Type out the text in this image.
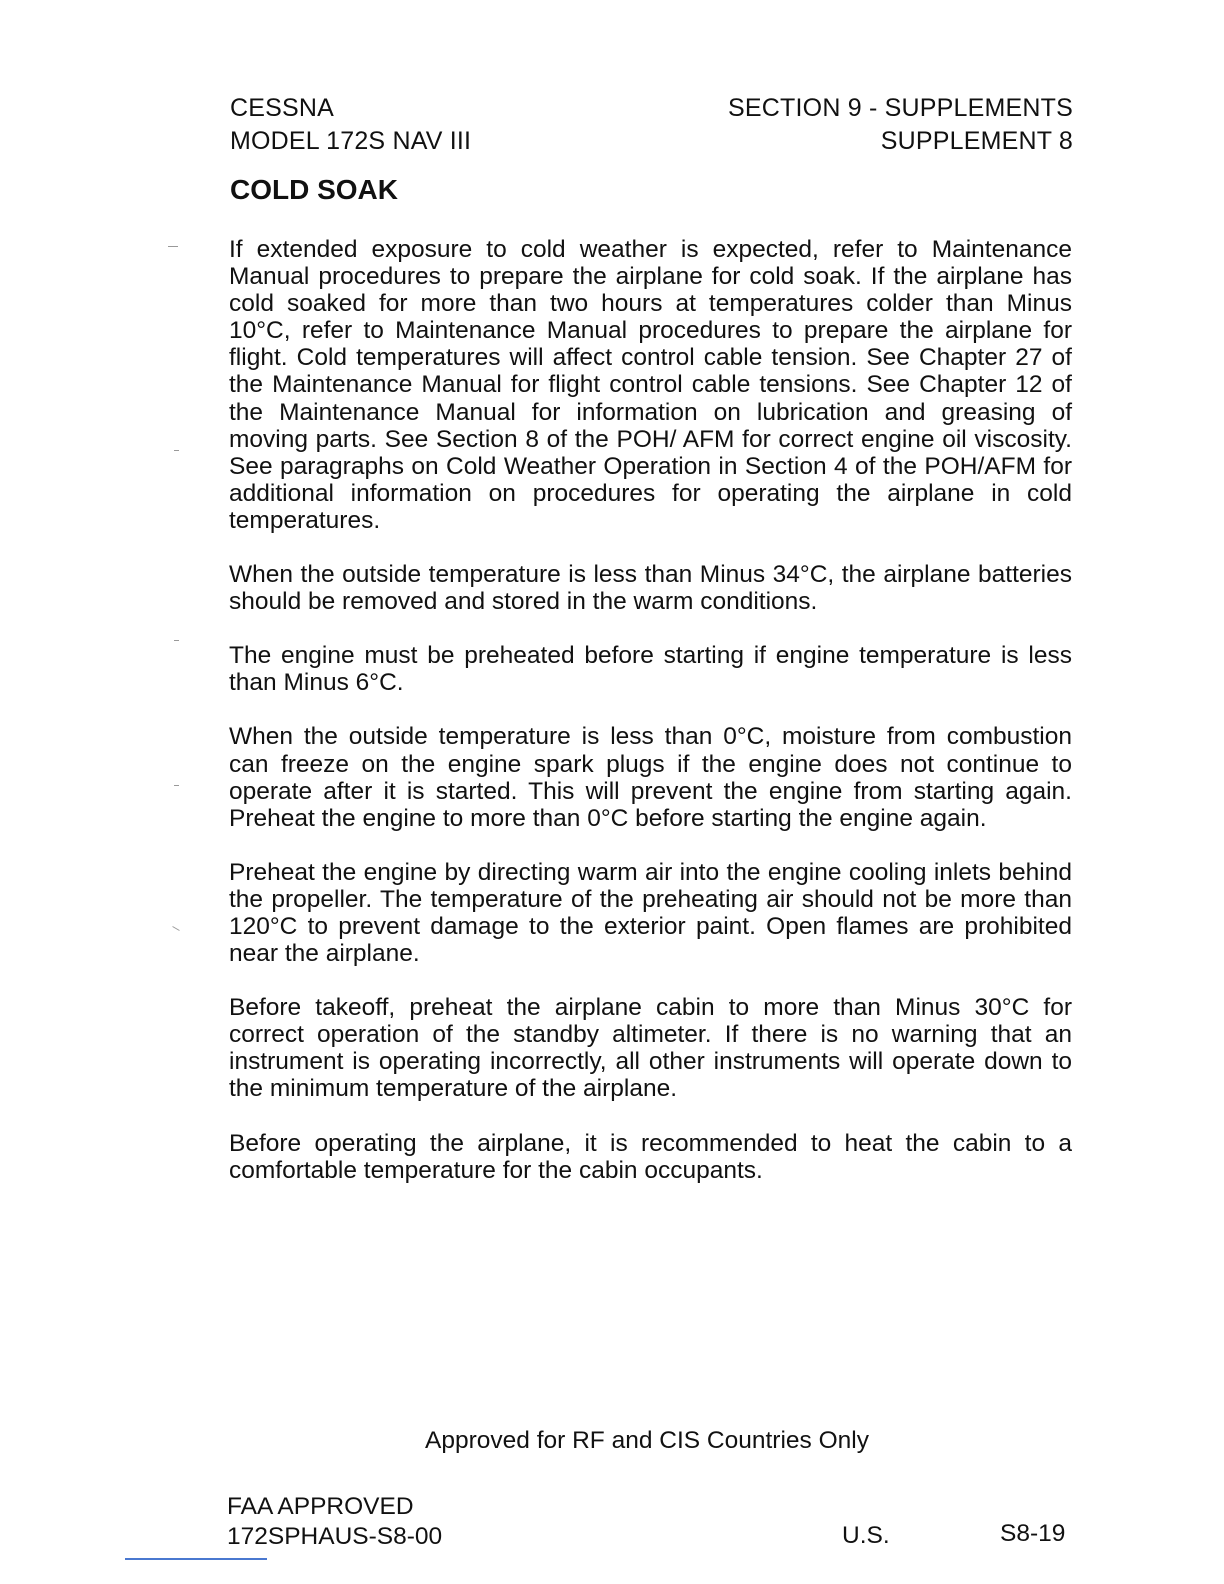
CESSNA
MODEL 172S NAV III
SECTION 9 - SUPPLEMENTS
SUPPLEMENT 8
COLD SOAK

If extended exposure to cold weather is expected, refer to Maintenance Manual procedures to prepare the airplane for cold soak. If the airplane has cold soaked for more than two hours at temperatures colder than Minus 10°C, refer to Maintenance Manual procedures to prepare the airplane for flight. Cold temperatures will affect control cable tension. See Chapter 27 of the Maintenance Manual for flight control cable tensions. See Chapter 12 of the Maintenance Manual for information on lubrication and greasing of moving parts. See Section 8 of the POH/ AFM for correct engine oil viscosity. See paragraphs on Cold Weather Operation in Section 4 of the POH/AFM for additional information on procedures for operating the airplane in cold temperatures.

When the outside temperature is less than Minus 34°C, the airplane batteries should be removed and stored in the warm conditions.

The engine must be preheated before starting if engine temperature is less than Minus 6°C.

When the outside temperature is less than 0°C, moisture from combustion can freeze on the engine spark plugs if the engine does not continue to operate after it is started. This will prevent the engine from starting again. Preheat the engine to more than 0°C before starting the engine again.

Preheat the engine by directing warm air into the engine cooling inlets behind the propeller. The temperature of the preheating air should not be more than 120°C to prevent damage to the exterior paint. Open flames are prohibited near the airplane.

Before takeoff, preheat the airplane cabin to more than Minus 30°C for correct operation of the standby altimeter. If there is no warning that an instrument is operating incorrectly, all other instruments will operate down to the minimum temperature of the airplane.

Before operating the airplane, it is recommended to heat the cabin to a comfortable temperature for the cabin occupants.

Approved for RF and CIS Countries Only
FAA APPROVED
172SPHAUS-S8-00	U.S.	S8-19
